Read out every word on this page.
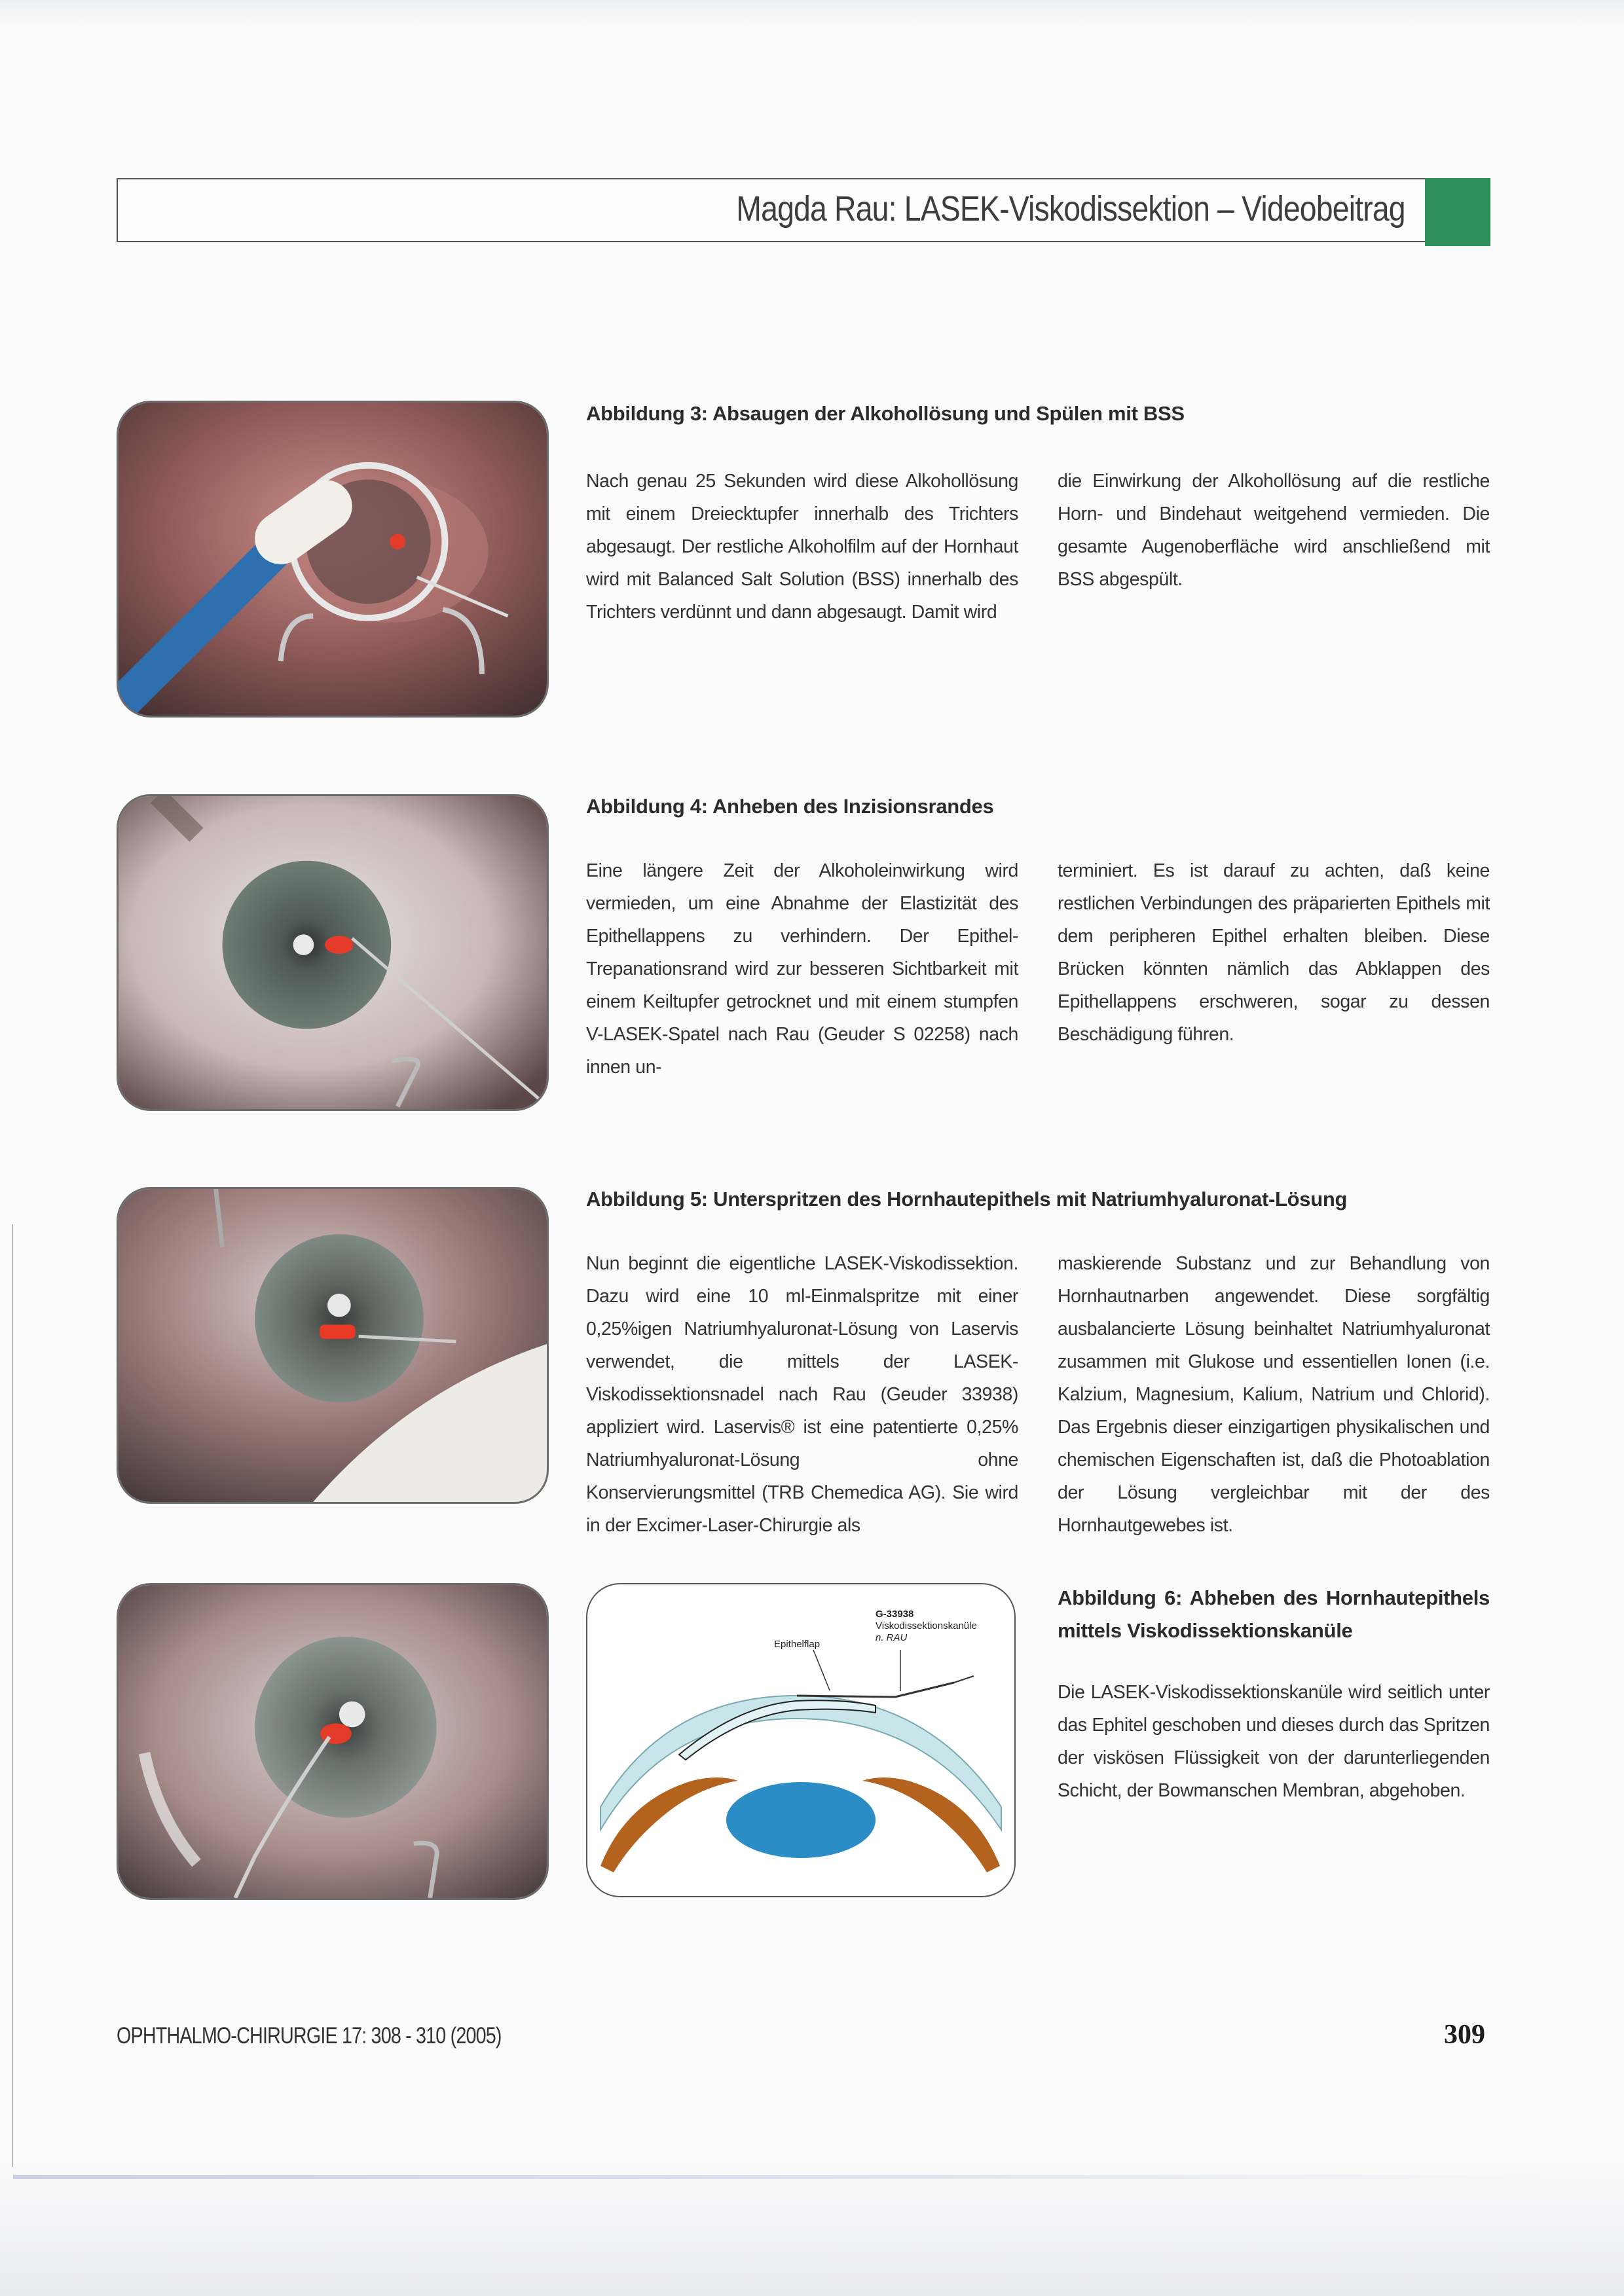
Magda Rau: LASEK-Viskodissektion – Videobeitrag
Abbildung 3: Absaugen der Alkohollösung und Spülen mit BSS
Nach genau 25 Sekunden wird diese Alkohollösung mit einem Dreiecktupfer innerhalb des Trichters abgesaugt. Der restliche Alkoholfilm auf der Hornhaut wird mit Balanced Salt Solution (BSS) innerhalb des Trichters verdünnt und dann abgesaugt. Damit wird
die Einwirkung der Alkohollösung auf die restliche Horn- und Bindehaut weitgehend vermieden. Die gesamte Augenoberfläche wird anschließend mit BSS abgespült.
Abbildung 4: Anheben des Inzisionsrandes
Eine längere Zeit der Alkoholeinwirkung wird vermieden, um eine Abnahme der Elastizität des Epithellappens zu verhindern. Der Epithel-Trepanationsrand wird zur besseren Sichtbarkeit mit einem Keiltupfer getrocknet und mit einem stumpfen V-LASEK-Spatel nach Rau (Geuder S 02258) nach innen un-
terminiert. Es ist darauf zu achten, daß keine restlichen Verbindungen des präparierten Epithels mit dem peripheren Epithel erhalten bleiben. Diese Brücken könnten nämlich das Abklappen des Epithellappens erschweren, sogar zu dessen Beschädigung führen.
Abbildung 5: Unterspritzen des Hornhautepithels mit Natriumhyaluronat-Lösung
Nun beginnt die eigentliche LASEK-Viskodissektion. Dazu wird eine 10 ml-Einmalspritze mit einer 0,25%igen Natriumhyaluronat-Lösung von Laservis verwendet, die mittels der LASEK-Viskodissektionsnadel nach Rau (Geuder 33938) appliziert wird. Laservis® ist eine patentierte 0,25% Natriumhyaluronat-Lösung ohne Konservierungsmittel (TRB Chemedica AG). Sie wird in der Excimer-Laser-Chirurgie als
maskierende Substanz und zur Behandlung von Hornhautnarben angewendet. Diese sorgfältig ausbalancierte Lösung beinhaltet Natriumhyaluronat zusammen mit Glukose und essentiellen Ionen (i.e. Kalzium, Magnesium, Kalium, Natrium und Chlorid). Das Ergebnis dieser einzigartigen physikalischen und chemischen Eigenschaften ist, daß die Photoablation der Lösung vergleichbar mit der des Hornhautgewebes ist.
Epithelflap
G-33938
Viskodissektionskanüle
n. RAU
Abbildung 6: Abheben des Hornhautepithels mittels Viskodissektionskanüle
Die LASEK-Viskodissektionskanüle wird seitlich unter das Ephitel geschoben und dieses durch das Spritzen der viskösen Flüssigkeit von der darunterliegenden Schicht, der Bowmanschen Membran, abgehoben.
OPHTHALMO-CHIRURGIE 17: 308 - 310 (2005)	309
